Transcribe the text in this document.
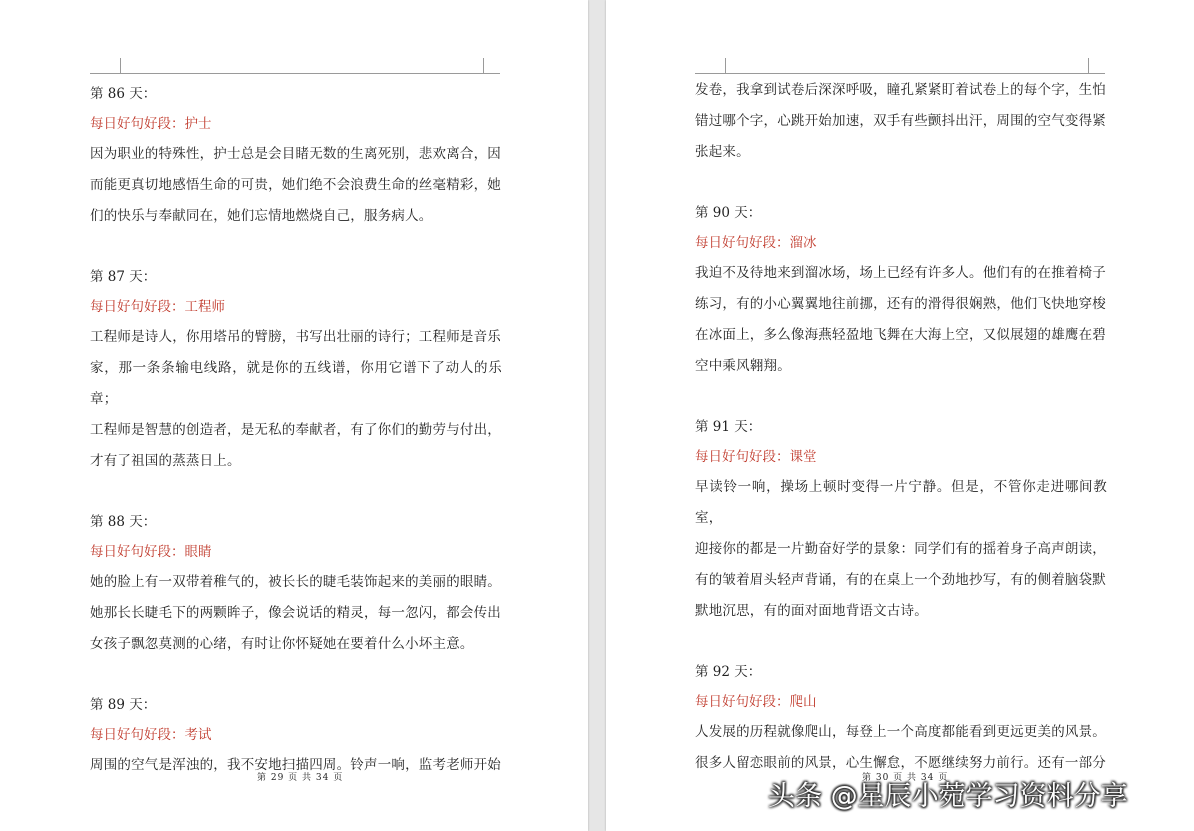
第 86 天：

每日好句好段：护士

因为职业的特殊性，护士总是会目睹无数的生离死别，悲欢离合，因
而能更真切地感悟生命的可贵，她们绝不会浪费生命的丝毫精彩，她
们的快乐与奉献同在，她们忘情地燃烧自己，服务病人。

第 87 天：

每日好句好段：工程师

工程师是诗人，你用塔吊的臂膀，书写出壮丽的诗行；工程师是音乐
家，那一条条输电线路，就是你的五线谱，你用它谱下了动人的乐章；
工程师是智慧的创造者，是无私的奉献者，有了你们的勤劳与付出，
才有了祖国的蒸蒸日上。

第 88 天：

每日好句好段：眼睛

她的脸上有一双带着稚气的，被长长的睫毛装饰起来的美丽的眼睛。
她那长长睫毛下的两颗眸子，像会说话的精灵，每一忽闪，都会传出
女孩子飘忽莫测的心绪，有时让你怀疑她在要着什么小坏主意。

第 89 天：

每日好句好段：考试

周围的空气是浑浊的，我不安地扫描四周。铃声一响，监考老师开始
第 29 页 共 34 页
发卷，我拿到试卷后深深呼吸，瞳孔紧紧盯着试卷上的每个字，生怕
错过哪个字，心跳开始加速，双手有些颤抖出汗，周围的空气变得紧
张起来。

第 90 天：

每日好句好段：溜冰

我迫不及待地来到溜冰场，场上已经有许多人。他们有的在推着椅子
练习，有的小心翼翼地往前挪，还有的滑得很娴熟，他们飞快地穿梭
在冰面上，多么像海燕轻盈地飞舞在大海上空，又似展翅的雄鹰在碧
空中乘风翱翔。

第 91 天：

每日好句好段：课堂

早读铃一响，操场上顿时变得一片宁静。但是，不管你走进哪间教室，
迎接你的都是一片勤奋好学的景象：同学们有的摇着身子高声朗读，
有的皱着眉头轻声背诵，有的在桌上一个劲地抄写，有的侧着脑袋默
默地沉思，有的面对面地背语文古诗。

第 92 天：

每日好句好段：爬山

人发展的历程就像爬山，每登上一个高度都能看到更远更美的风景。
很多人留恋眼前的风景，心生懈怠，不愿继续努力前行。还有一部分
第 30 页 共 34 页
头条 @星辰小菀学习资料分享
